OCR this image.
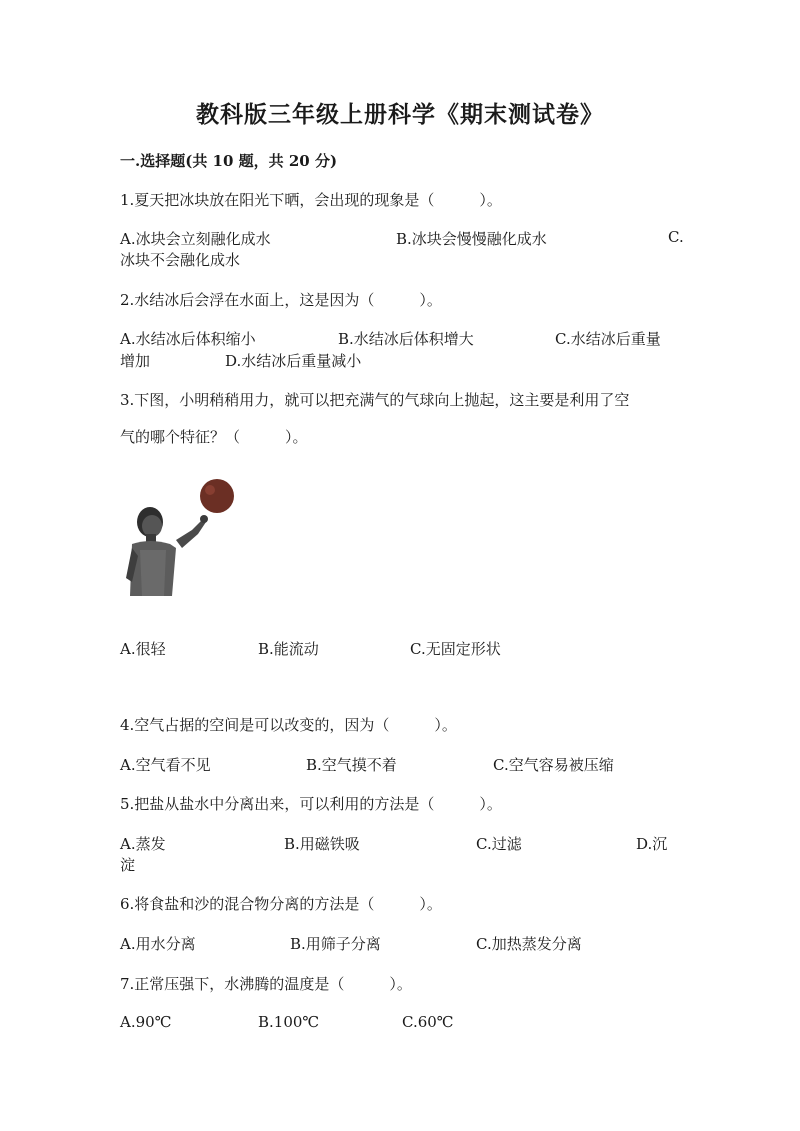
教科版三年级上册科学《期末测试卷》
一.选择题(共 10 题，共 20 分)
1.夏天把冰块放在阳光下晒，会出现的现象是（　　　）。
A.冰块会立刻融化成水	B.冰块会慢慢融化成水	C.
冰块不会融化成水
2.水结冰后会浮在水面上，这是因为（　　　）。
A.水结冰后体积缩小	B.水结冰后体积增大	C.水结冰后重量
增加	D.水结冰后重量减小
3.下图，小明稍稍用力，就可以把充满气的气球向上抛起，这主要是利用了空
气的哪个特征？（　　　）。
A.很轻	B.能流动	C.无固定形状
4.空气占据的空间是可以改变的，因为（　　　）。
A.空气看不见	B.空气摸不着	C.空气容易被压缩
5.把盐从盐水中分离出来，可以利用的方法是（　　　）。
A.蒸发	B.用磁铁吸	C.过滤	D.沉
淀
6.将食盐和沙的混合物分离的方法是（　　　）。
A.用水分离	B.用筛子分离	C.加热蒸发分离
7.正常压强下，水沸腾的温度是（　　　）。
A.90℃	B.100℃	C.60℃
